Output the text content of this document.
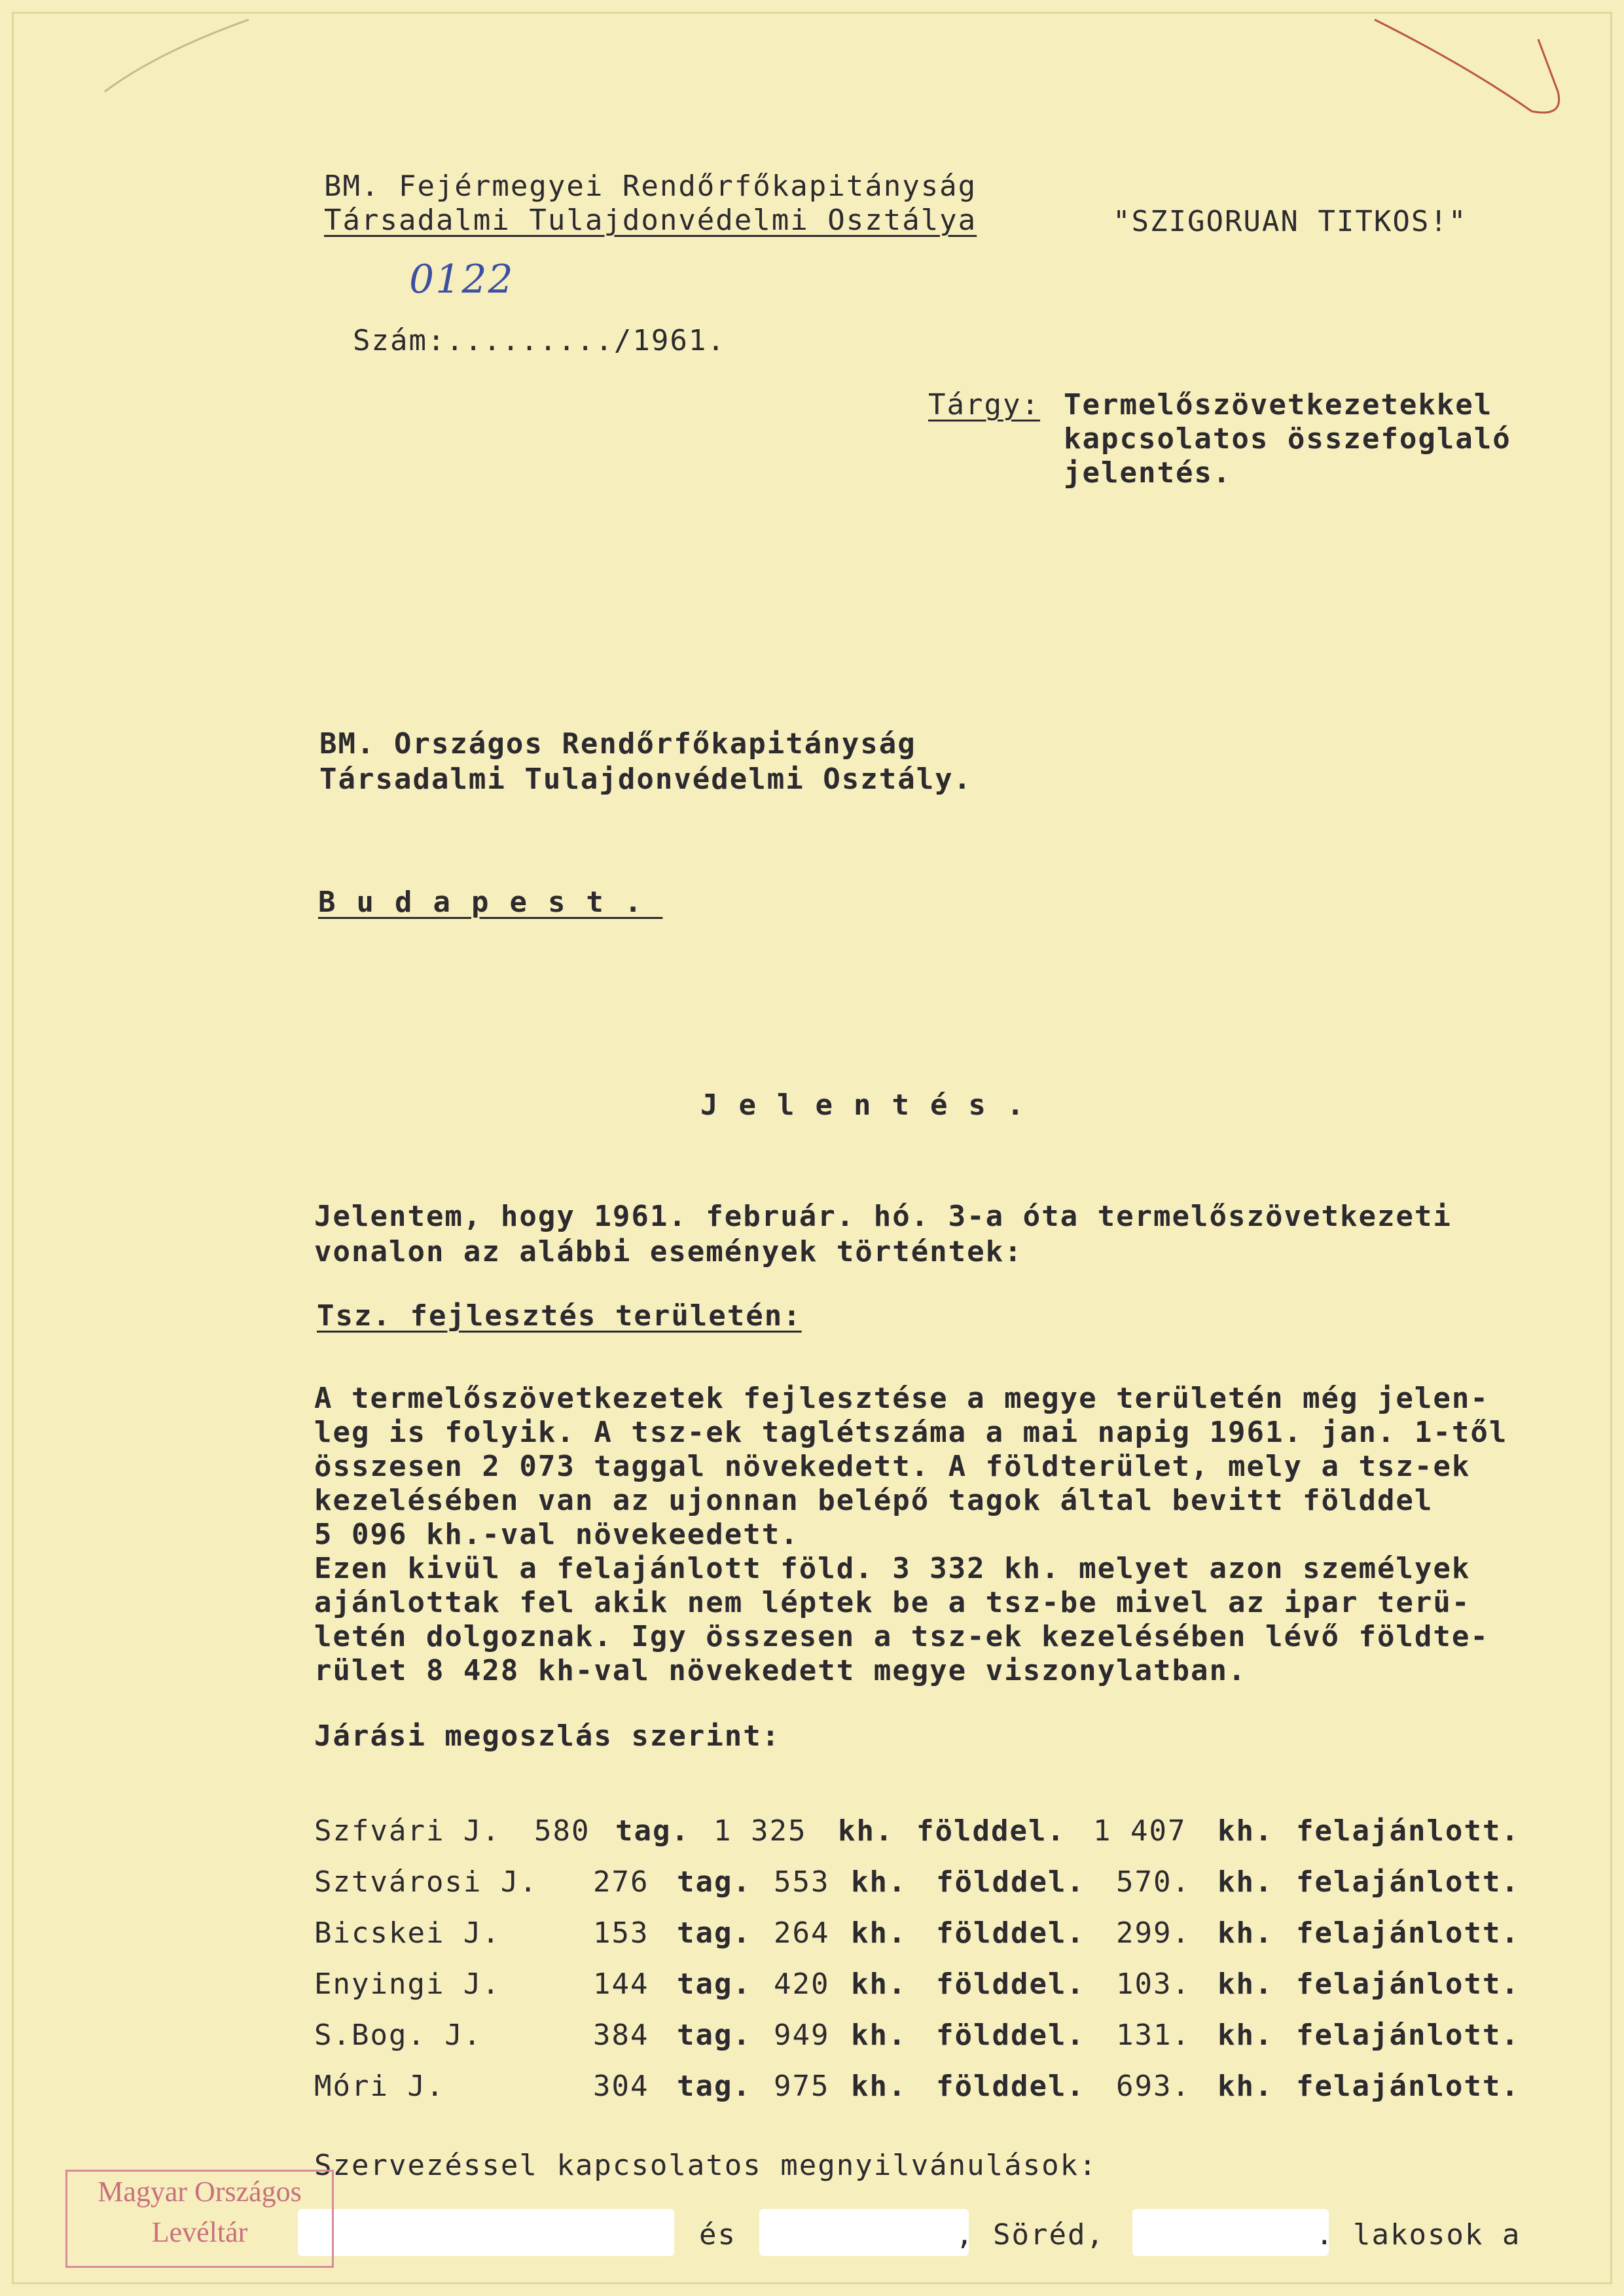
BM. Fejérmegyei Rendőrfőkapitányság
Társadalmi Tulajdonvédelmi Osztálya	"SZIGORUAN TITKOS!"

Szám:........./1961.

0122
Tárgy: Termelőszövetkezetekkel
kapcsolatos összefoglaló
jelentés.
BM. Országos Rendőrfőkapitányság
Társadalmi Tulajdonvédelmi Osztály.
Budapest.
Jelentés.
Jelentem, hogy 1961. február. hó. 3-a óta termelőszövetkezeti
vonalon az alábbi események történtek:
Tsz. fejlesztés területén:
A termelőszövetkezetek fejlesztése a megye területén még jelen-
leg is folyik. A tsz-ek taglétszáma a mai napig 1961. jan. 1-től
összesen 2 073 taggal növekedett. A földterület, mely a tsz-ek
kezelésében van az ujonnan belépő tagok által bevitt földdel
5 096 kh.-val növekeedett.
Ezen kivül a felajánlott föld. 3 332 kh. melyet azon személyek
ajánlottak fel akik nem léptek be a tsz-be mivel az ipar terü-
letén dolgoznak. Igy összesen a tsz-ek kezelésében lévő földte-
rület 8 428 kh-val növekedett megye viszonylatban.
Járási megoszlás szerint:
Szfvári J. 580 tag. 1 325 kh. földdel. 1 407 kh. felajánlott.
Sztvárosi J. 276 tag. 553 kh. földdel. 570. kh. felajánlott.
Bicskei J.	153 tag. 264 kh. földdel. 299. kh. felajánlott.
Enyingi J.	144 tag. 420 kh. földdel. 103. kh. felajánlott.
S.Bog. J.	384 tag. 949 kh. földdel. 131. kh. felajánlott.
Móri J.	304 tag. 975 kh. földdel. 693. kh. felajánlott.
Szervezéssel kapcsolatos megnyilvánulások:
és	, Söréd,	. lakosok a
Magyar Országos
Levéltár
